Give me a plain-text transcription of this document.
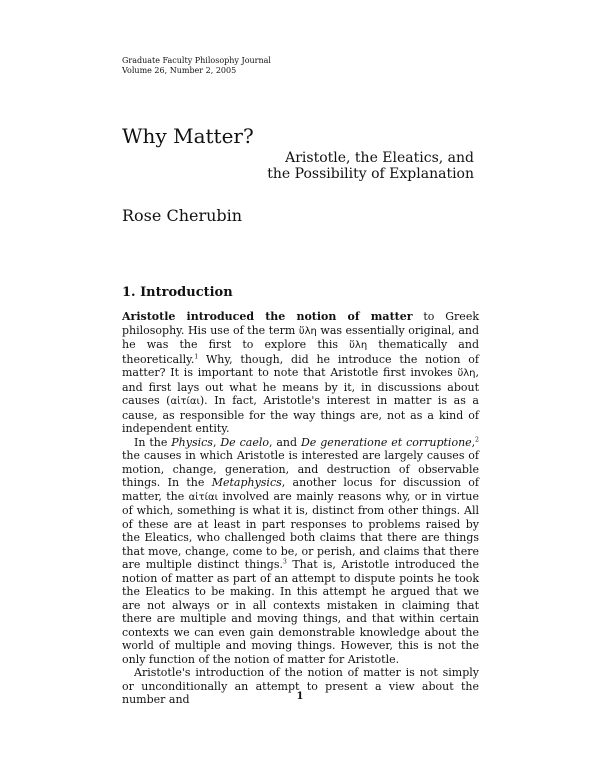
Graduate Faculty Philosophy Journal
Volume 26, Number 2, 2005
Why Matter?
Aristotle, the Eleatics, and
the Possibility of Explanation
Rose Cherubin
1. Introduction

Aristotle introduced the notion of matter to Greek philosophy. His use of the term ὕλη was essentially original, and he was the first to explore this ὕλη thematically and theoretically.$^1$ Why, though, did he introduce the notion of matter? It is important to note that Aristotle first invokes ὕλη, and first lays out what he means by it, in discussions about causes (αἰτίαι). In fact, Aristotle's interest in matter is as a cause, as responsible for the way things are, not as a kind of independent entity.

In the Physics, De caelo, and De generatione et corruptione,$^2$ the causes in which Aristotle is interested are largely causes of motion, change, generation, and destruction of observable things. In the Metaphysics, another locus for discussion of matter, the αἰτίαι involved are mainly reasons why, or in virtue of which, something is what it is, distinct from other things. All of these are at least in part responses to problems raised by the Eleatics, who challenged both claims that there are things that move, change, come to be, or perish, and claims that there are multiple distinct things.$^3$ That is, Aristotle introduced the notion of matter as part of an attempt to dispute points he took the Eleatics to be making. In this attempt he argued that we are not always or in all contexts mistaken in claiming that there are multiple and moving things, and that within certain contexts we can even gain demonstrable knowledge about the world of multiple and moving things. However, this is not the only function of the notion of matter for Aristotle.

Aristotle's introduction of the notion of matter is not simply or unconditionally an attempt to present a view about the number and	1
